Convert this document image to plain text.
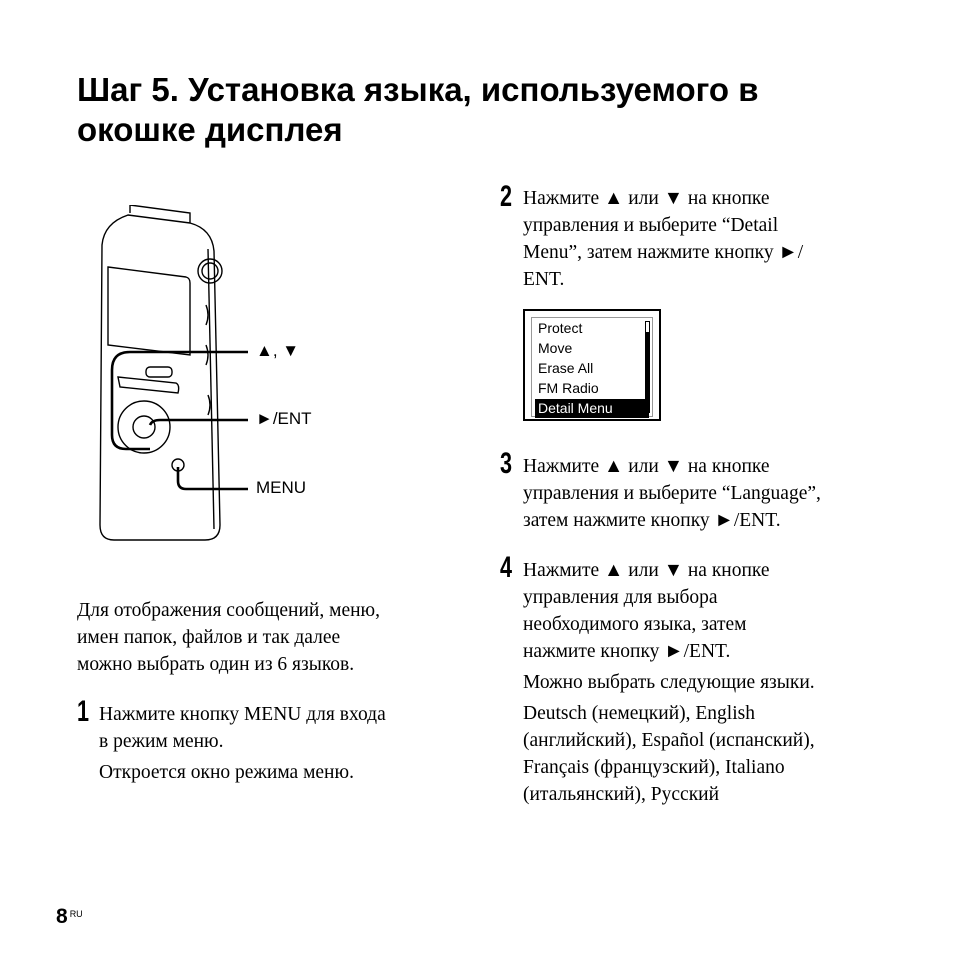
Шаг 5. Установка языка, используемого в
окошке дисплея
▲, ▼
►/ENT
MENU
Для отображения сообщений, меню,
имен папок, файлов и так далее
можно выбрать один из 6 языков.
1 Нажмите кнопку MENU для входа
в режим меню.
Откроется окно режима меню.
2 Нажмите ▲ или ▼ на кнопке
управления и выберите “Detail
Menu”, затем нажмите кнопку ►/
ENT.
Protect
Move
Erase All
FM Radio
Detail Menu
3 Нажмите ▲ или ▼ на кнопке
управления и выберите “Language”,
затем нажмите кнопку ►/ENT.
4 Нажмите ▲ или ▼ на кнопке
управления для выбора
необходимого языка, затем
нажмите кнопку ►/ENT.
Можно выбрать следующие языки.
Deutsch (немецкий), English
(английский), Español (испанский),
Français (французский), Italiano
(итальянский), Русский
8 $^{RU}$
